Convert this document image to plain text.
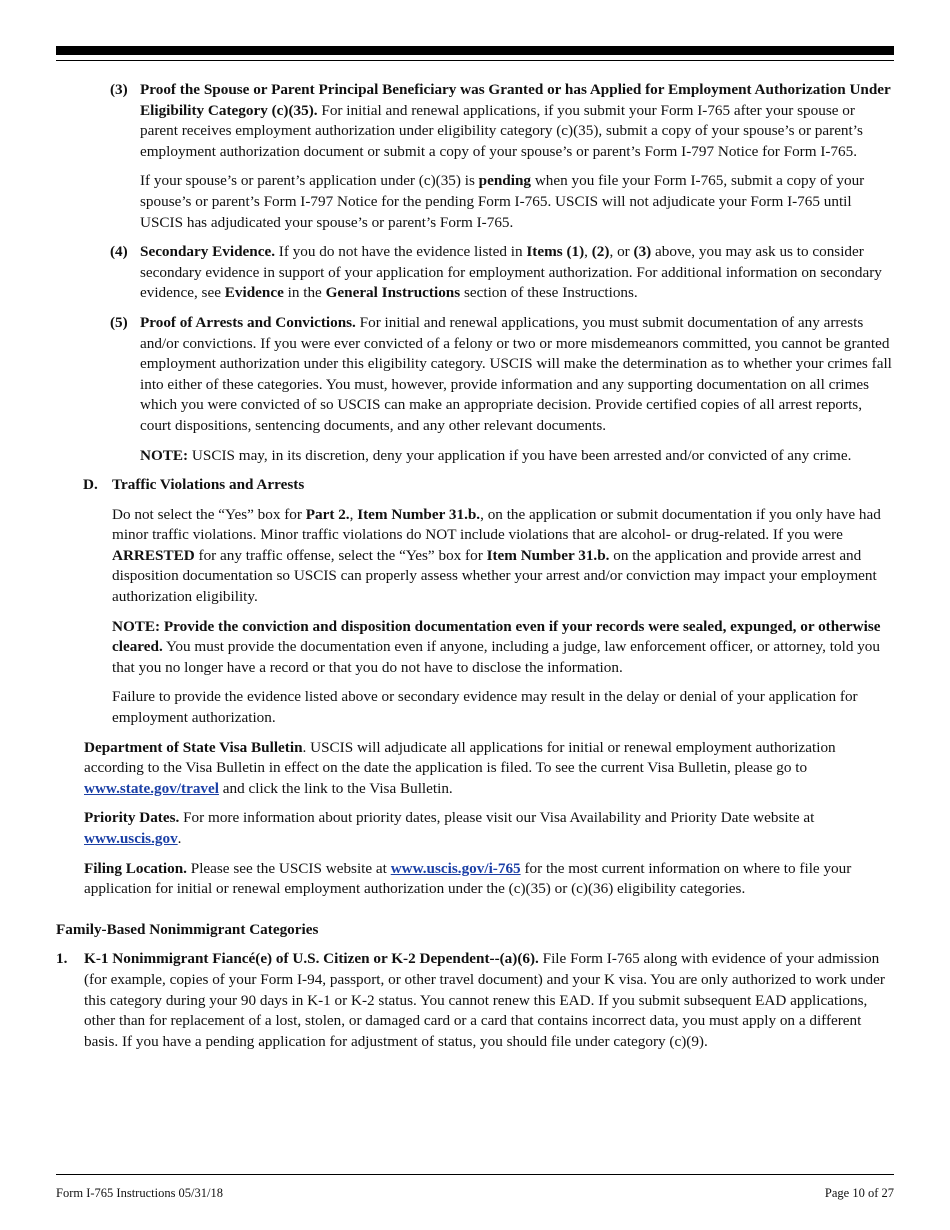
(3) Proof the Spouse or Parent Principal Beneficiary was Granted or has Applied for Employment Authorization Under Eligibility Category (c)(35). For initial and renewal applications, if you submit your Form I-765 after your spouse or parent receives employment authorization under eligibility category (c)(35), submit a copy of your spouse’s or parent’s employment authorization document or submit a copy of your spouse’s or parent’s Form I-797 Notice for Form I-765.

If your spouse’s or parent’s application under (c)(35) is pending when you file your Form I-765, submit a copy of your spouse’s or parent’s Form I-797 Notice for the pending Form I-765. USCIS will not adjudicate your Form I-765 until USCIS has adjudicated your spouse’s or parent’s Form I-765.

(4) Secondary Evidence. If you do not have the evidence listed in Items (1), (2), or (3) above, you may ask us to consider secondary evidence in support of your application for employment authorization. For additional information on secondary evidence, see Evidence in the General Instructions section of these Instructions.

(5) Proof of Arrests and Convictions. For initial and renewal applications, you must submit documentation of any arrests and/or convictions. If you were ever convicted of a felony or two or more misdemeanors committed, you cannot be granted employment authorization under this eligibility category. USCIS will make the determination as to whether your crimes fall into either of these categories. You must, however, provide information and any supporting documentation on all crimes which you were convicted of so USCIS can make an appropriate decision. Provide certified copies of all arrest reports, court dispositions, sentencing documents, and any other relevant documents.

NOTE: USCIS may, in its discretion, deny your application if you have been arrested and/or convicted of any crime.

D. Traffic Violations and Arrests

Do not select the “Yes” box for Part 2., Item Number 31.b., on the application or submit documentation if you only have had minor traffic violations. Minor traffic violations do NOT include violations that are alcohol- or drug-related. If you were ARRESTED for any traffic offense, select the “Yes” box for Item Number 31.b. on the application and provide arrest and disposition documentation so USCIS can properly assess whether your arrest and/or conviction may impact your employment authorization eligibility.

NOTE: Provide the conviction and disposition documentation even if your records were sealed, expunged, or otherwise cleared. You must provide the documentation even if anyone, including a judge, law enforcement officer, or attorney, told you that you no longer have a record or that you do not have to disclose the information.

Failure to provide the evidence listed above or secondary evidence may result in the delay or denial of your application for employment authorization.

Department of State Visa Bulletin. USCIS will adjudicate all applications for initial or renewal employment authorization according to the Visa Bulletin in effect on the date the application is filed. To see the current Visa Bulletin, please go to www.state.gov/travel and click the link to the Visa Bulletin.

Priority Dates. For more information about priority dates, please visit our Visa Availability and Priority Date website at www.uscis.gov.

Filing Location. Please see the USCIS website at www.uscis.gov/i-765 for the most current information on where to file your application for initial or renewal employment authorization under the (c)(35) or (c)(36) eligibility categories.

Family-Based Nonimmigrant Categories
1. K-1 Nonimmigrant Fiancé(e) of U.S. Citizen or K-2 Dependent--(a)(6). File Form I-765 along with evidence of your admission (for example, copies of your Form I-94, passport, or other travel document) and your K visa. You are only authorized to work under this category during your 90 days in K-1 or K-2 status. You cannot renew this EAD. If you submit subsequent EAD applications, other than for replacement of a lost, stolen, or damaged card or a card that contains incorrect data, you must apply on a different basis. If you have a pending application for adjustment of status, you should file under category (c)(9).

Form I-765 Instructions 05/31/18	Page 10 of 27
